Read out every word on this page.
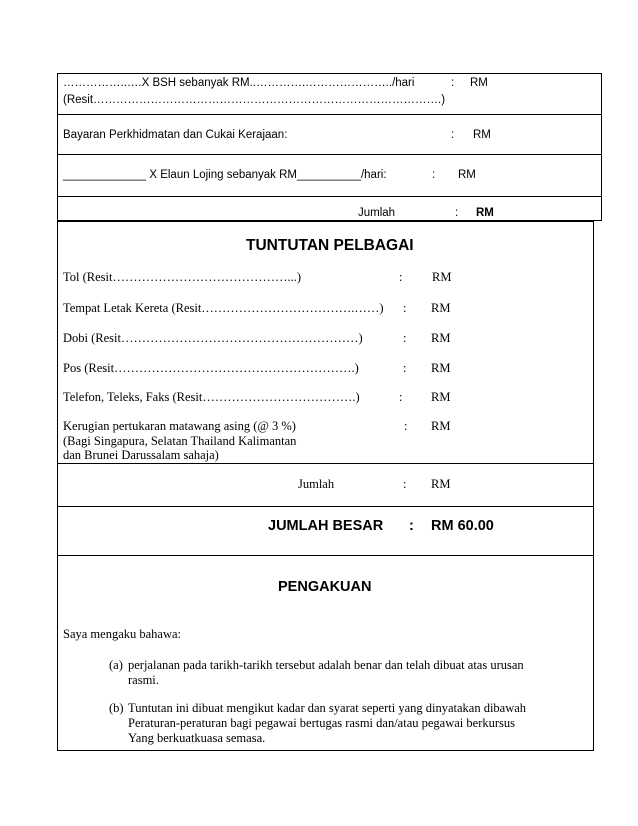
……………..….X BSH sebanyak RM..………….…………………../hari	: RM
(Resit……………………………………………………………………………….)
Bayaran Perkhidmatan dan Cukai Kerajaan:	: RM
_____________ X Elaun Lojing sebanyak RM__________/hari:	: RM
Jumlah	: RM
TUNTUTAN PELBAGAI
Tol (Resit……………………………………...)	: RM
Tempat Letak Kereta (Resit……………………………….……) : RM
Dobi (Resit…………………………………………………)	: RM
Pos (Resit………………………………………………….)	: RM
Telefon, Teleks, Faks (Resit……………………………….)	: RM
Kerugian pertukaran matawang asing (@ 3 %)
(Bagi Singapura, Selatan Thailand Kalimantan
dan Brunei Darussalam sahaja)
: RM
Jumlah	: RM
JUMLAH BESAR : RM 60.00
PENGAKUAN
Saya mengaku bahawa:
(a) perjalanan pada tarikh-tarikh tersebut adalah benar dan telah dibuat atas urusan
rasmi.
(b) Tuntutan ini dibuat mengikut kadar dan syarat seperti yang dinyatakan dibawah
Peraturan-peraturan bagi pegawai bertugas rasmi dan/atau pegawai berkursus
Yang berkuatkuasa semasa.
